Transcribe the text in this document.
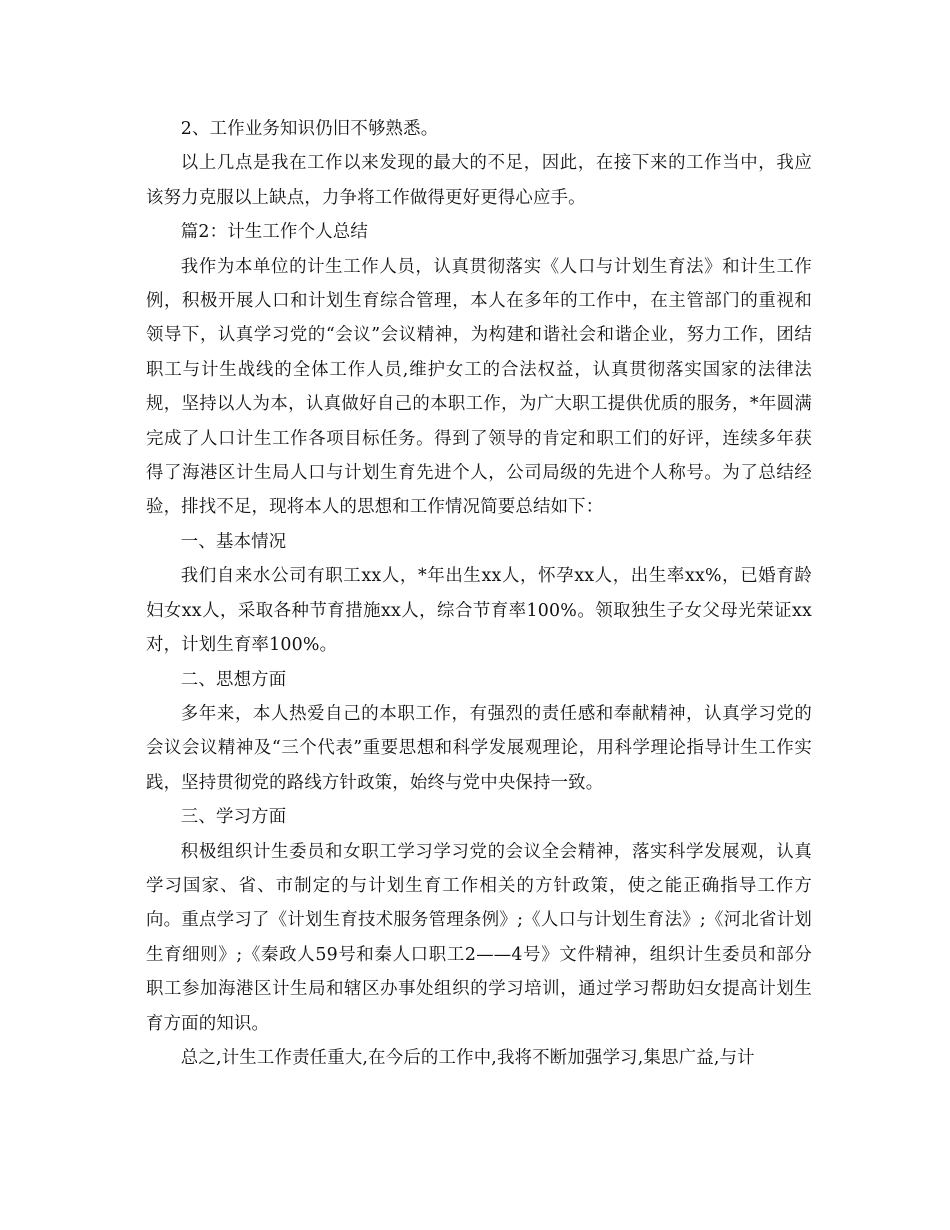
2、工作业务知识仍旧不够熟悉。

以上几点是我在工作以来发现的最大的不足，因此，在接下来的工作当中，我应该努力克服以上缺点，力争将工作做得更好更得心应手。

篇2：计生工作个人总结

我作为本单位的计生工作人员，认真贯彻落实《人口与计划生育法》和计生工作例，积极开展人口和计划生育综合管理，本人在多年的工作中，在主管部门的重视和领导下，认真学习党的“会议”会议精神，为构建和谐社会和谐企业，努力工作，团结职工与计生战线的全体工作人员,维护女工的合法权益，认真贯彻落实国家的法律法规，坚持以人为本，认真做好自己的本职工作，为广大职工提供优质的服务，*年圆满完成了人口计生工作各项目标任务。得到了领导的肯定和职工们的好评，连续多年获得了海港区计生局人口与计划生育先进个人，公司局级的先进个人称号。为了总结经验，排找不足，现将本人的思想和工作情况简要总结如下：

一、基本情况

我们自来水公司有职工xx人，*年出生xx人，怀孕xx人，出生率xx%，已婚育龄妇女xx人，采取各种节育措施xx人，综合节育率100%。领取独生子女父母光荣证xx对，计划生育率100%。

二、思想方面

多年来，本人热爱自己的本职工作，有强烈的责任感和奉献精神，认真学习党的会议会议精神及“三个代表”重要思想和科学发展观理论，用科学理论指导计生工作实践，坚持贯彻党的路线方针政策，始终与党中央保持一致。

三、学习方面

积极组织计生委员和女职工学习学习党的会议全会精神，落实科学发展观，认真学习国家、省、市制定的与计划生育工作相关的方针政策，使之能正确指导工作方向。重点学习了《计划生育技术服务管理条例》;《人口与计划生育法》;《河北省计划生育细则》;《秦政人59号和秦人口职工2——4号》文件精神，组织计生委员和部分职工参加海港区计生局和辖区办事处组织的学习培训，通过学习帮助妇女提高计划生育方面的知识。

总之,计生工作责任重大,在今后的工作中,我将不断加强学习,集思广益,与计
